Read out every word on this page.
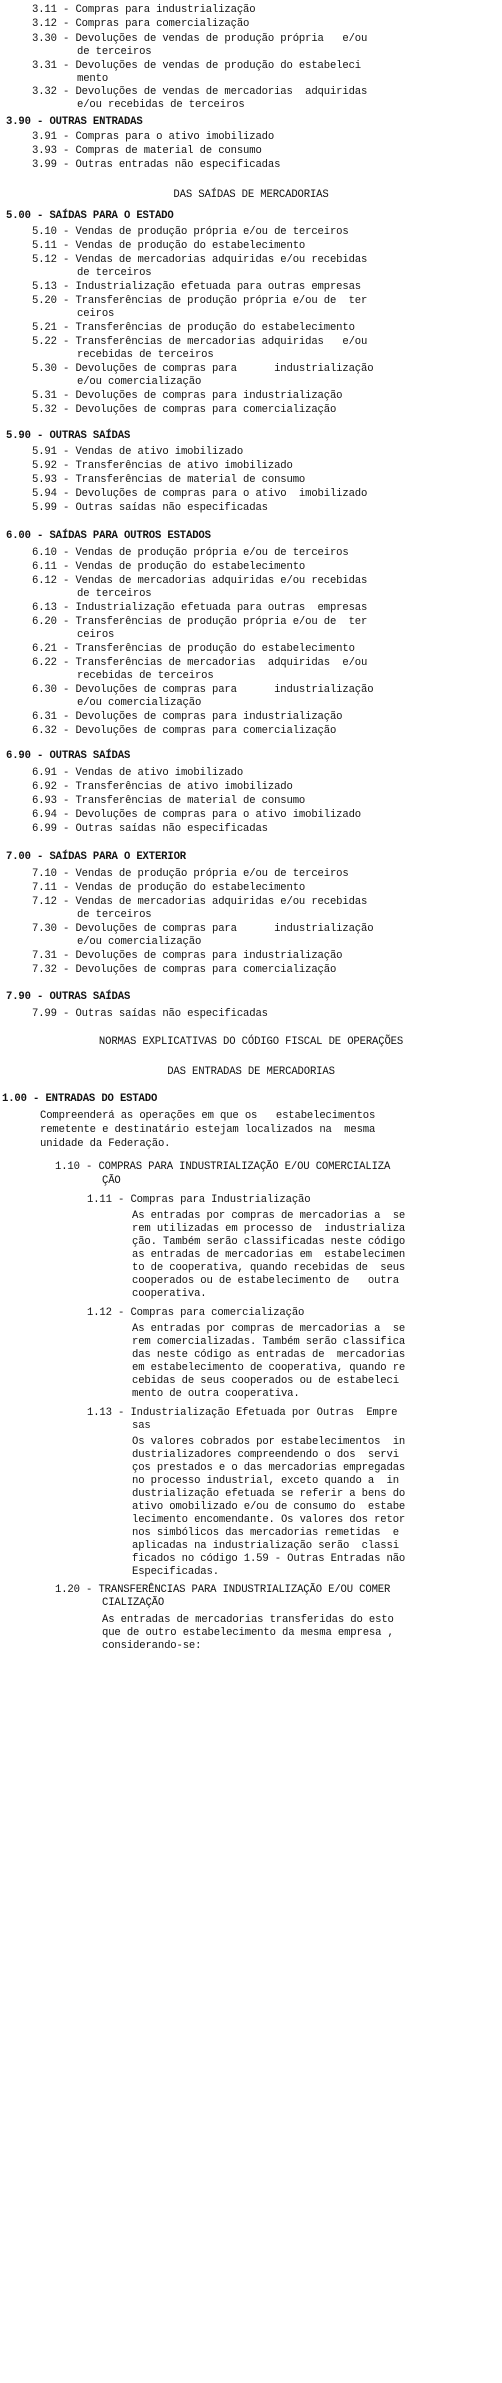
3.11 - Compras para industrialização
3.12 - Compras para comercialização
3.30 - Devoluções de vendas de produção própria   e/ou
de terceiros
3.31 - Devoluções de vendas de produção do estabeleci
mento
3.32 - Devoluções de vendas de mercadorias  adquiridas
e/ou recebidas de terceiros
3.90 - OUTRAS ENTRADAS
3.91 - Compras para o ativo imobilizado
3.93 - Compras de material de consumo
3.99 - Outras entradas não especificadas
DAS SAÍDAS DE MERCADORIAS
5.00 - SAÍDAS PARA O ESTADO
5.10 - Vendas de produção própria e/ou de terceiros
5.11 - Vendas de produção do estabelecimento
5.12 - Vendas de mercadorias adquiridas e/ou recebidas
de terceiros
5.13 - Industrialização efetuada para outras empresas
5.20 - Transferências de produção própria e/ou de  ter
ceiros
5.21 - Transferências de produção do estabelecimento
5.22 - Transferências de mercadorias adquiridas   e/ou
recebidas de terceiros
5.30 - Devoluções de compras para      industrialização
e/ou comercialização
5.31 - Devoluções de compras para industrialização
5.32 - Devoluções de compras para comercialização
5.90 - OUTRAS SAÍDAS
5.91 - Vendas de ativo imobilizado
5.92 - Transferências de ativo imobilizado
5.93 - Transferências de material de consumo
5.94 - Devoluções de compras para o ativo  imobilizado
5.99 - Outras saídas não especificadas
6.00 - SAÍDAS PARA OUTROS ESTADOS
6.10 - Vendas de produção própria e/ou de terceiros
6.11 - Vendas de produção do estabelecimento
6.12 - Vendas de mercadorias adquiridas e/ou recebidas
de terceiros
6.13 - Industrialização efetuada para outras  empresas
6.20 - Transferências de produção própria e/ou de  ter
ceiros
6.21 - Transferências de produção do estabelecimento
6.22 - Transferências de mercadorias  adquiridas  e/ou
recebidas de terceiros
6.30 - Devoluções de compras para      industrialização
e/ou comercialização
6.31 - Devoluções de compras para industrialização
6.32 - Devoluções de compras para comercialização
6.90 - OUTRAS SAÍDAS
6.91 - Vendas de ativo imobilizado
6.92 - Transferências de ativo imobilizado
6.93 - Transferências de material de consumo
6.94 - Devoluções de compras para o ativo imobilizado
6.99 - Outras saídas não especificadas
7.00 - SAÍDAS PARA O EXTERIOR
7.10 - Vendas de produção própria e/ou de terceiros
7.11 - Vendas de produção do estabelecimento
7.12 - Vendas de mercadorias adquiridas e/ou recebidas
de terceiros
7.30 - Devoluções de compras para      industrialização
e/ou comercialização
7.31 - Devoluções de compras para industrialização
7.32 - Devoluções de compras para comercialização
7.90 - OUTRAS SAÍDAS
7.99 - Outras saídas não especificadas
NORMAS EXPLICATIVAS DO CÓDIGO FISCAL DE OPERAÇÕES
DAS ENTRADAS DE MERCADORIAS
1.00 - ENTRADAS DO ESTADO
Compreenderá as operações em que os   estabelecimentos
remetente e destinatário estejam localizados na  mesma
unidade da Federação.
1.10 - COMPRAS PARA INDUSTRIALIZAÇÃO E/OU COMERCIALIZA
ÇÃO
1.11 - Compras para Industrialização
As entradas por compras de mercadorias a  se
rem utilizadas em processo de  industrializa
ção. Também serão classificadas neste código
as entradas de mercadorias em  estabelecimen
to de cooperativa, quando recebidas de  seus
cooperados ou de estabelecimento de   outra
cooperativa.
1.12 - Compras para comercialização
As entradas por compras de mercadorias a  se
rem comercializadas. Também serão classifica
das neste código as entradas de  mercadorias
em estabelecimento de cooperativa, quando re
cebidas de seus cooperados ou de estabeleci
mento de outra cooperativa.
1.13 - Industrialização Efetuada por Outras  Empre
sas
Os valores cobrados por estabelecimentos  in
dustrializadores compreendendo o dos  servi
ços prestados e o das mercadorias empregadas
no processo industrial, exceto quando a  in
dustrialização efetuada se referir a bens do
ativo omobilizado e/ou de consumo do  estabe
lecimento encomendante. Os valores dos retor
nos simbólicos das mercadorias remetidas  e
aplicadas na industrialização serão  classi
ficados no código 1.59 - Outras Entradas não
Especificadas.
1.20 - TRANSFERÊNCIAS PARA INDUSTRIALIZAÇÃO E/OU COMER
CIALIZAÇÃO
As entradas de mercadorias transferidas do esto
que de outro estabelecimento da mesma empresa ,
considerando-se:
